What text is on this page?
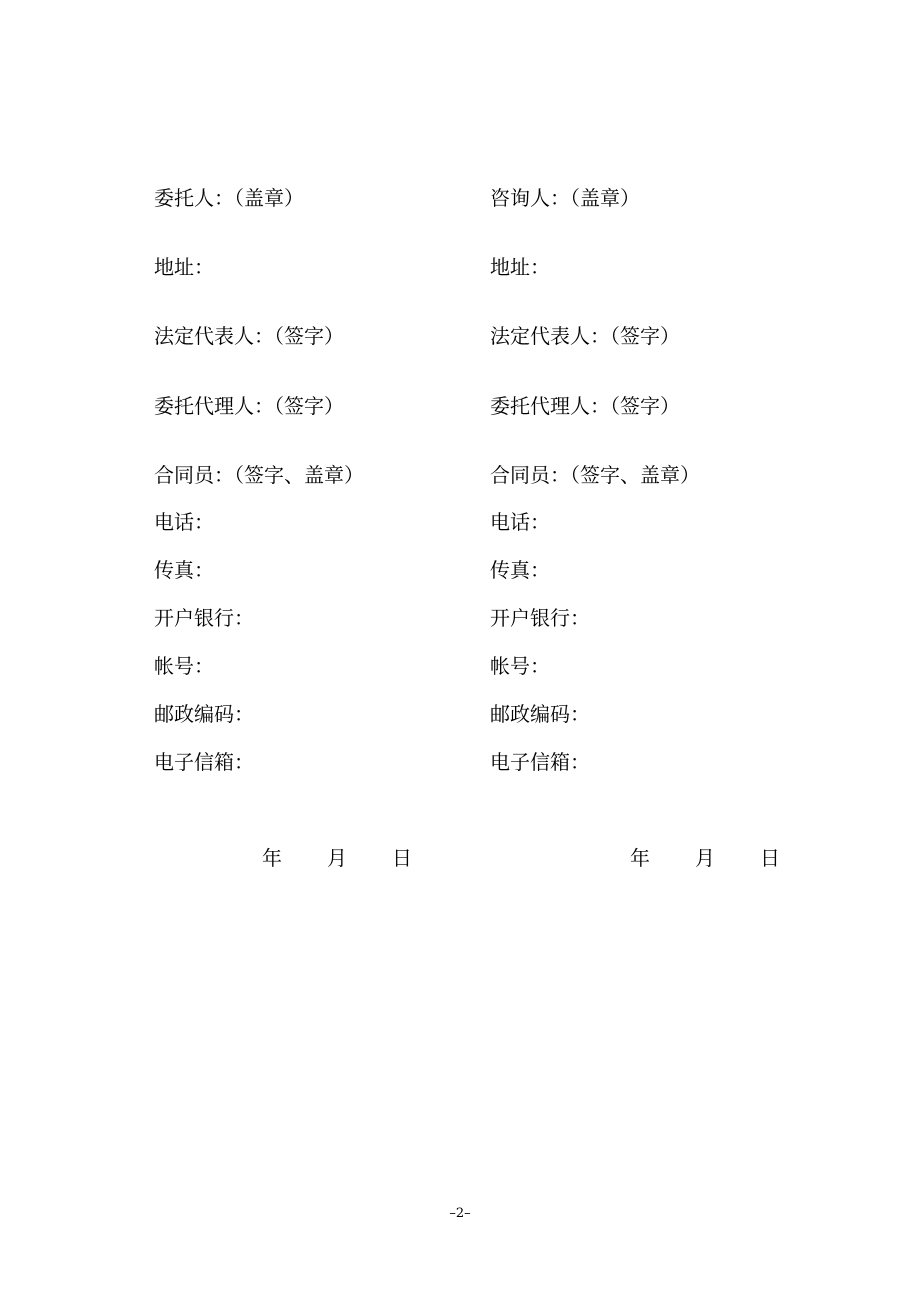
委托人：（盖章）
地址：
法定代表人：（签字）
委托代理人：（签字）
合同员：（签字、盖章）
电话：
传真：
开户银行：
帐号：
邮政编码：
电子信箱：
咨询人：（盖章）
地址：
法定代表人：（签字）
委托代理人：（签字）
合同员：（签字、盖章）
电话：
传真：
开户银行：
帐号：
邮政编码：
电子信箱：
年 月 日	年 月 日
–2–
